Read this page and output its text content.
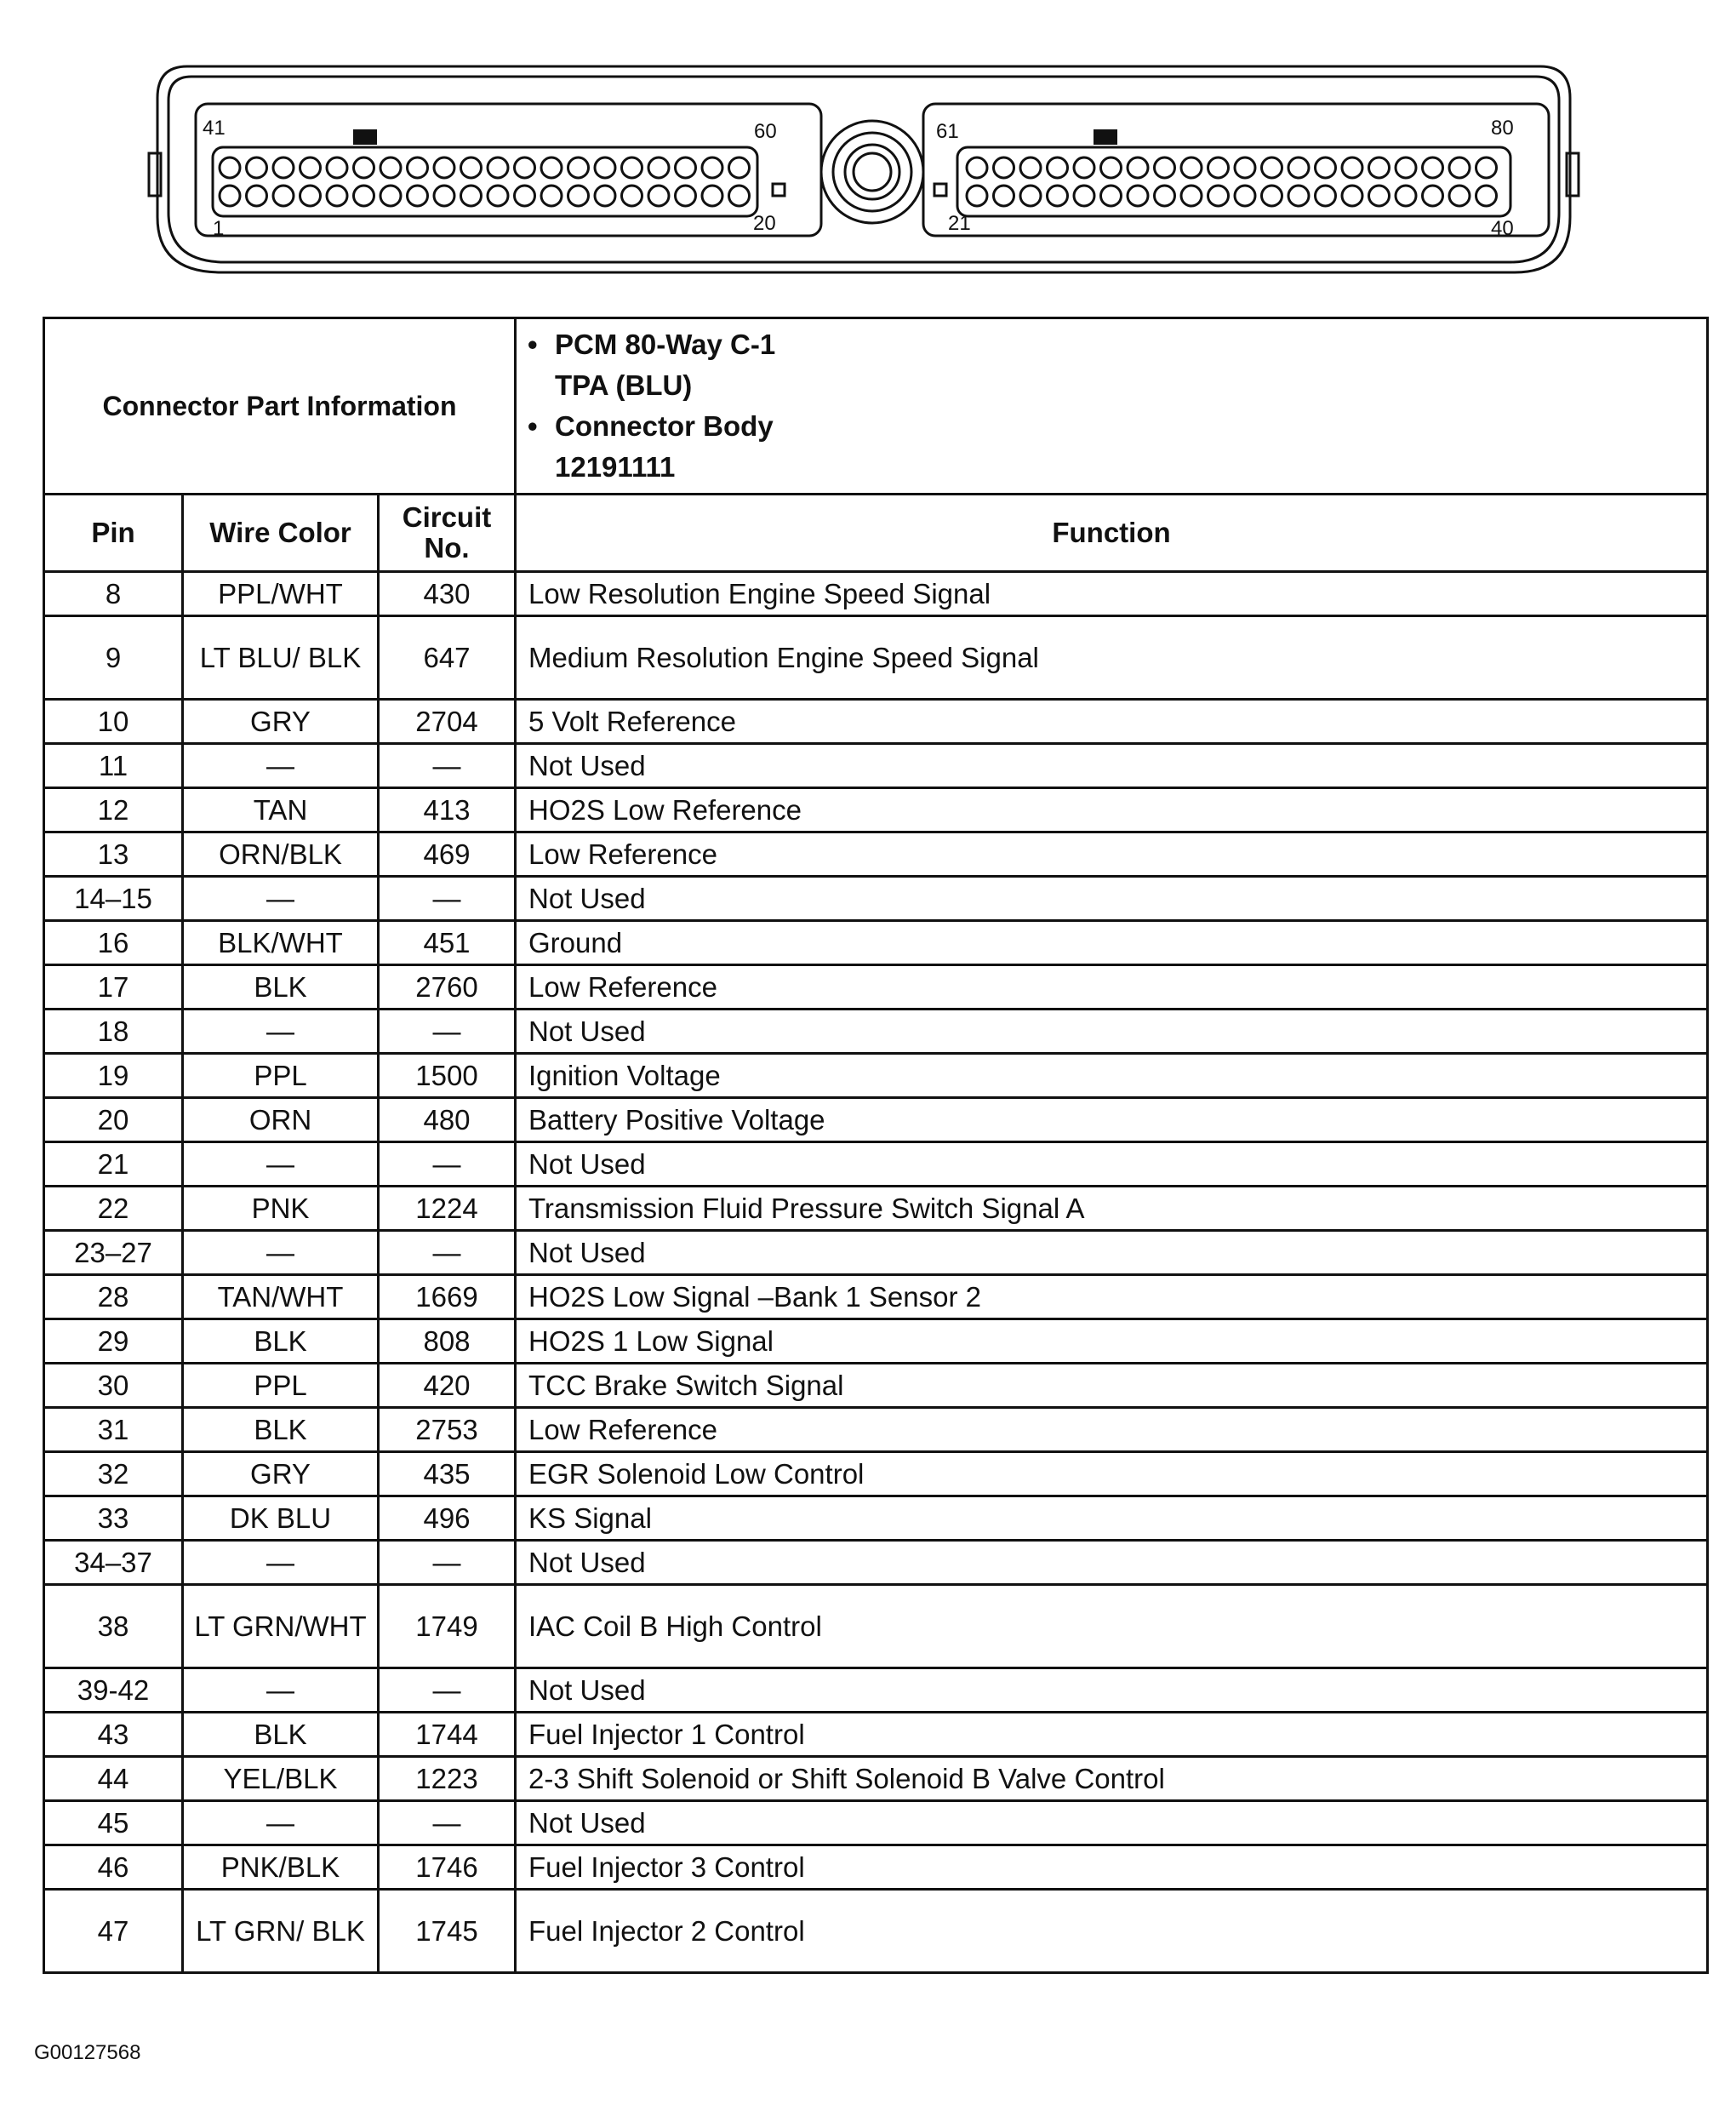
41	60
1	20
61	80
21	40
Connector Part Information			• PCM 80-Way C-1
TPA (BLU)
• Connector Body
12191111

Pin	Wire Color	Circuit No.	Function
8	PPL/WHT	430	Low Resolution Engine Speed Signal
9	LT BLU/ BLK	647	Medium Resolution Engine Speed Signal
10	GRY	2704	5 Volt Reference
11	—	—	Not Used
12	TAN	413	HO2S Low Reference
13	ORN/BLK	469	Low Reference
14–15	—	—	Not Used
16	BLK/WHT	451	Ground
17	BLK	2760	Low Reference
18	—	—	Not Used
19	PPL	1500	Ignition Voltage
20	ORN	480	Battery Positive Voltage
21	—	—	Not Used
22	PNK	1224	Transmission Fluid Pressure Switch Signal A
23–27	—	—	Not Used
28	TAN/WHT	1669	HO2S Low Signal –Bank 1 Sensor 2
29	BLK	808	HO2S 1 Low Signal
30	PPL	420	TCC Brake Switch Signal
31	BLK	2753	Low Reference
32	GRY	435	EGR Solenoid Low Control
33	DK BLU	496	KS Signal
34–37	—	—	Not Used
38	LT GRN/WHT	1749	IAC Coil B High Control
39-42	—	—	Not Used
43	BLK	1744	Fuel Injector 1 Control
44	YEL/BLK	1223	2-3 Shift Solenoid or Shift Solenoid B Valve Control
45	—	—	Not Used
46	PNK/BLK	1746	Fuel Injector 3 Control
47	LT GRN/ BLK	1745	Fuel Injector 2 Control
G00127568
